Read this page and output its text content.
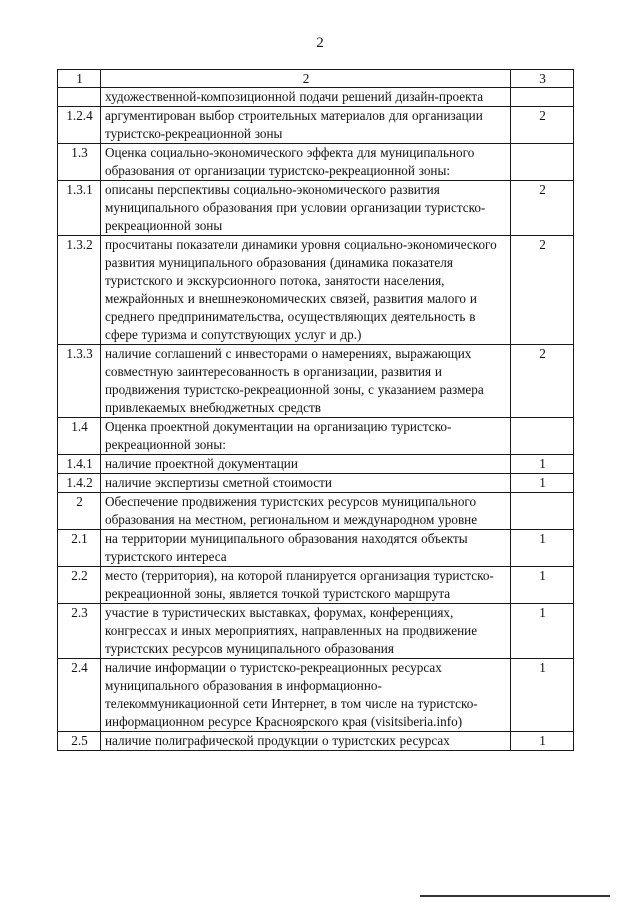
2
1	2	3
	художественной-композиционной подачи решений дизайн-проекта	
1.2.4	аргументирован выбор строительных материалов для организации туристско-рекреационной зоны	2
1.3	Оценка социально-экономического эффекта для муниципального образования от организации туристско-рекреационной зоны:	
1.3.1	описаны перспективы социально-экономического развития муниципального образования при условии организации туристско-рекреационной зоны	2
1.3.2	просчитаны показатели динамики уровня социально-экономического развития муниципального образования (динамика показателя туристского и экскурсионного потока, занятости населения, межрайонных и внешнеэкономических связей, развития малого и среднего предпринимательства, осуществляющих деятельность в сфере туризма и сопутствующих услуг и др.)	2
1.3.3	наличие соглашений с инвесторами о намерениях, выражающих совместную заинтересованность в организации, развития и продвижения туристско-рекреационной зоны, с указанием размера привлекаемых внебюджетных средств	2
1.4	Оценка проектной документации на организацию туристско-рекреационной зоны:	
1.4.1	наличие проектной документации	1
1.4.2	наличие экспертизы сметной стоимости	1
2	Обеспечение продвижения туристских ресурсов муниципального образования на местном, региональном и международном уровне	
2.1	на территории муниципального образования находятся объекты туристского интереса	1
2.2	место (территория), на которой планируется организация туристско-рекреационной зоны, является точкой туристского маршрута	1
2.3	участие в туристических выставках, форумах, конференциях, конгрессах и иных мероприятиях, направленных на продвижение туристских ресурсов муниципального образования	1
2.4	наличие информации о туристско-рекреационных ресурсах муниципального образования в информационно-телекоммуникационной сети Интернет, в том числе на туристско-информационном ресурсе Красноярского края (visitsiberia.info)	1
2.5	наличие полиграфической продукции о туристских ресурсах	1
